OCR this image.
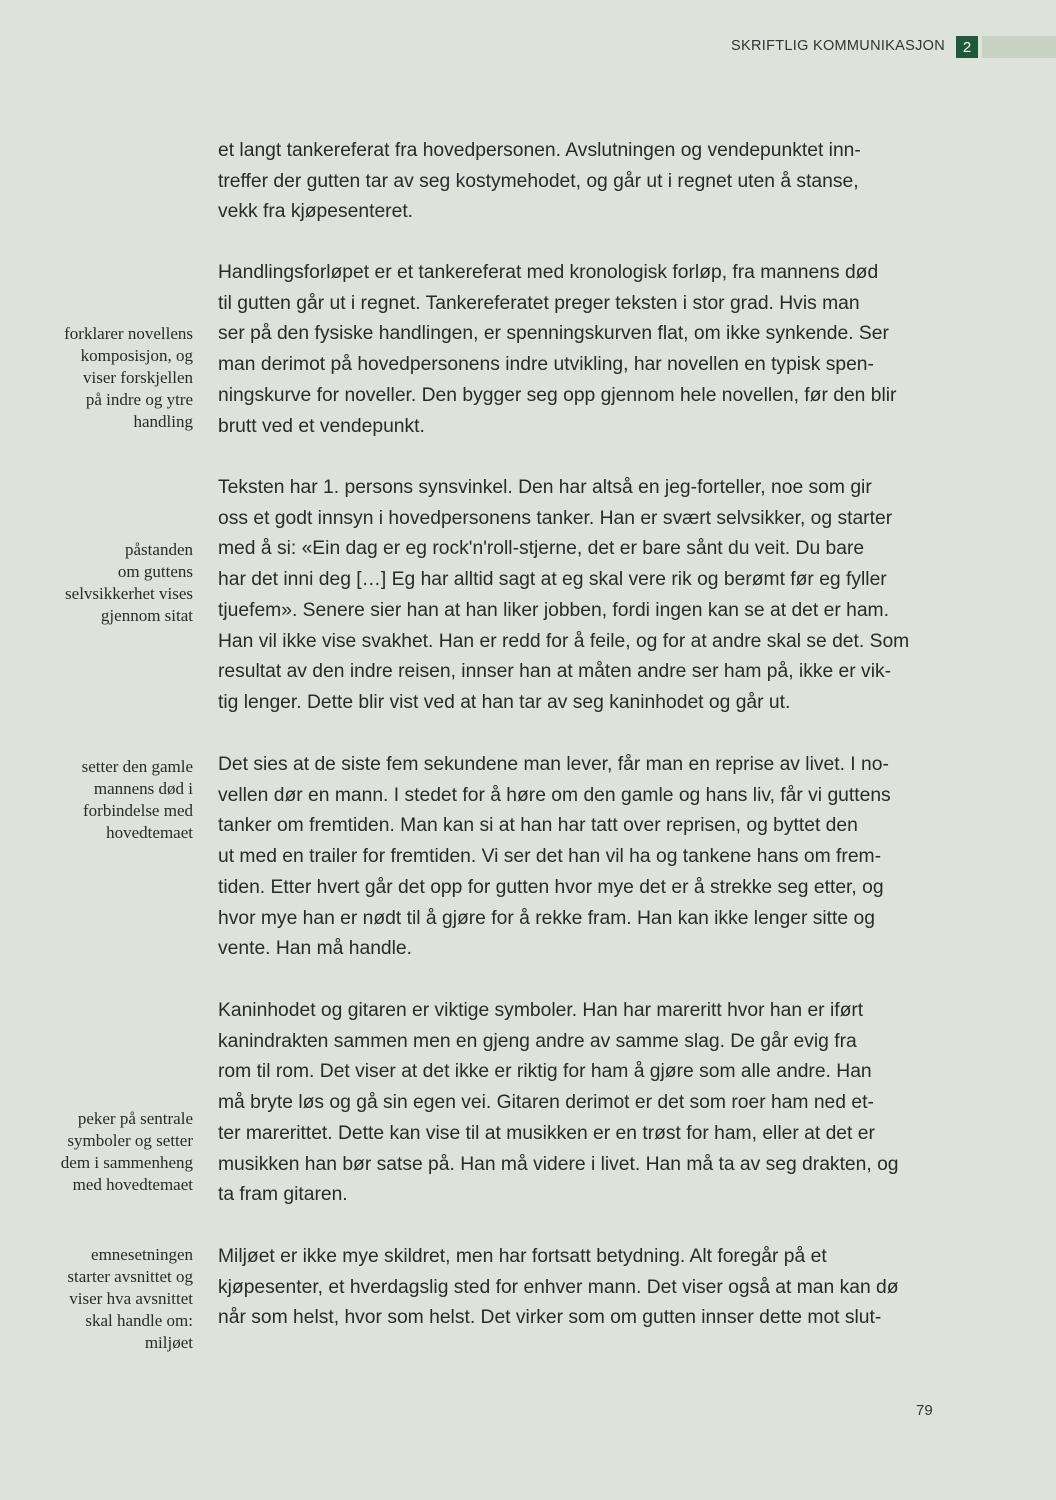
SKRIFTLIG KOMMUNIKASJON	2

et langt tankereferat fra hovedpersonen. Avslutningen og vendepunktet inn-
treffer der gutten tar av seg kostymehodet, og går ut i regnet uten å stanse,
vekk fra kjøpesenteret.

Handlingsforløpet er et tankereferat med kronologisk forløp, fra mannens død
til gutten går ut i regnet. Tankereferatet preger teksten i stor grad. Hvis man
ser på den fysiske handlingen, er spenningskurven flat, om ikke synkende. Ser
man derimot på hovedpersonens indre utvikling, har novellen en typisk spen-
ningskurve for noveller. Den bygger seg opp gjennom hele novellen, før den blir
brutt ved et vendepunkt.

Teksten har 1. persons synsvinkel. Den har altså en jeg-forteller, noe som gir
oss et godt innsyn i hovedpersonens tanker. Han er svært selvsikker, og starter
med å si: «Ein dag er eg rock'n'roll-stjerne, det er bare sånt du veit. Du bare
har det inni deg […] Eg har alltid sagt at eg skal vere rik og berømt før eg fyller
tjuefem». Senere sier han at han liker jobben, fordi ingen kan se at det er ham.
Han vil ikke vise svakhet. Han er redd for å feile, og for at andre skal se det. Som
resultat av den indre reisen, innser han at måten andre ser ham på, ikke er vik-
tig lenger. Dette blir vist ved at han tar av seg kaninhodet og går ut.

Det sies at de siste fem sekundene man lever, får man en reprise av livet. I no-
vellen dør en mann. I stedet for å høre om den gamle og hans liv, får vi guttens
tanker om fremtiden. Man kan si at han har tatt over reprisen, og byttet den
ut med en trailer for fremtiden. Vi ser det han vil ha og tankene hans om frem-
tiden. Etter hvert går det opp for gutten hvor mye det er å strekke seg etter, og
hvor mye han er nødt til å gjøre for å rekke fram. Han kan ikke lenger sitte og
vente. Han må handle.

Kaninhodet og gitaren er viktige symboler. Han har mareritt hvor han er iført
kanindrakten sammen men en gjeng andre av samme slag. De går evig fra
rom til rom. Det viser at det ikke er riktig for ham å gjøre som alle andre. Han
må bryte løs og gå sin egen vei. Gitaren derimot er det som roer ham ned et-
ter marerittet. Dette kan vise til at musikken er en trøst for ham, eller at det er
musikken han bør satse på. Han må videre i livet. Han må ta av seg drakten, og
ta fram gitaren.

Miljøet er ikke mye skildret, men har fortsatt betydning. Alt foregår på et
kjøpesenter, et hverdagslig sted for enhver mann. Det viser også at man kan dø
når som helst, hvor som helst. Det virker som om gutten innser dette mot slut-

forklarer novellens
komposisjon, og
viser forskjellen
på indre og ytre
handling

påstanden
om guttens
selvsikkerhet vises
gjennom sitat

setter den gamle
mannens død i
forbindelse med
hovedtemaet

peker på sentrale
symboler og setter
dem i sammenheng
med hovedtemaet

emnesetningen
starter avsnittet og
viser hva avsnittet
skal handle om:
miljøet

79
